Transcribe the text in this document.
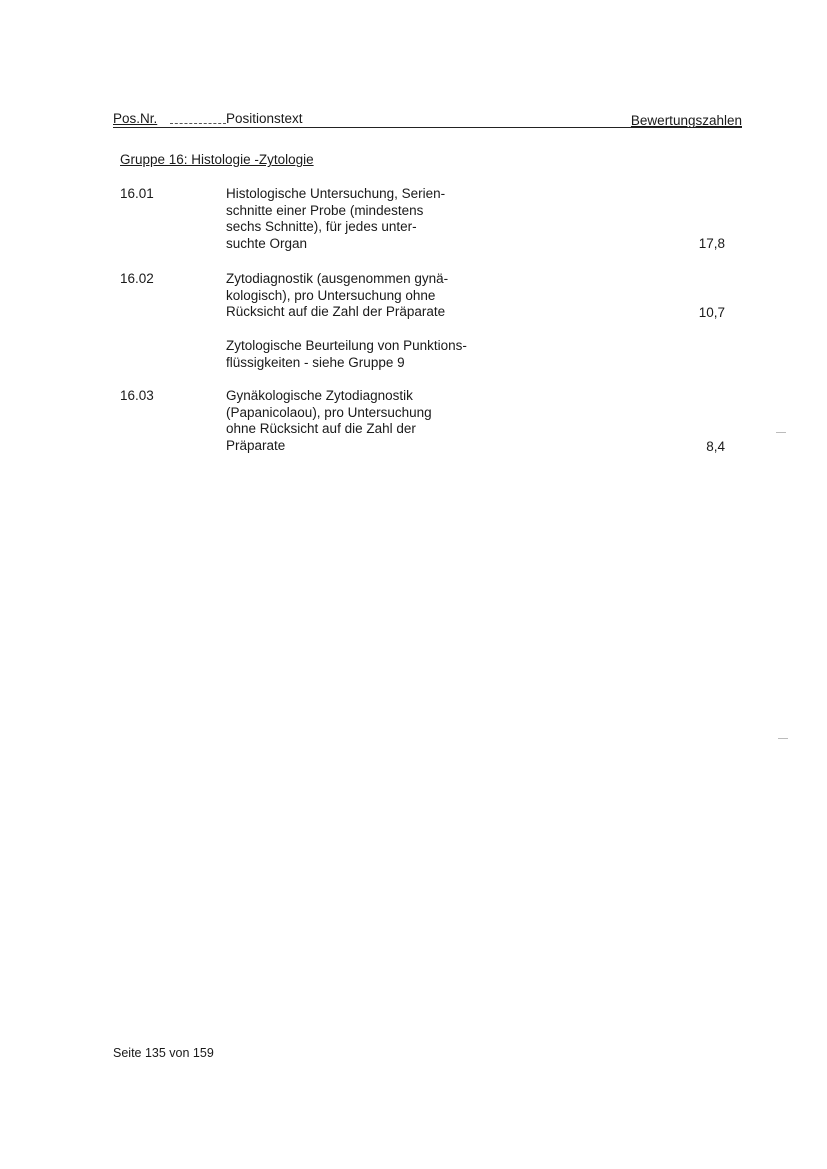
Pos.Nr.	Positionstext	Bewertungszahlen
Gruppe 16: Histologie -Zytologie
16.01	Histologische Untersuchung, Serien-
schnitte einer Probe (mindestens
sechs Schnitte), für jedes unter-
suchte Organ	17,8
16.02	Zytodiagnostik (ausgenommen gynä-
kologisch), pro Untersuchung ohne
Rücksicht auf die Zahl der Präparate	10,7
Zytologische Beurteilung von Punktions-
flüssigkeiten - siehe Gruppe 9
16.03	Gynäkologische Zytodiagnostik
(Papanicolaou), pro Untersuchung
ohne Rücksicht auf die Zahl der
Präparate	8,4
Seite 135 von 159
